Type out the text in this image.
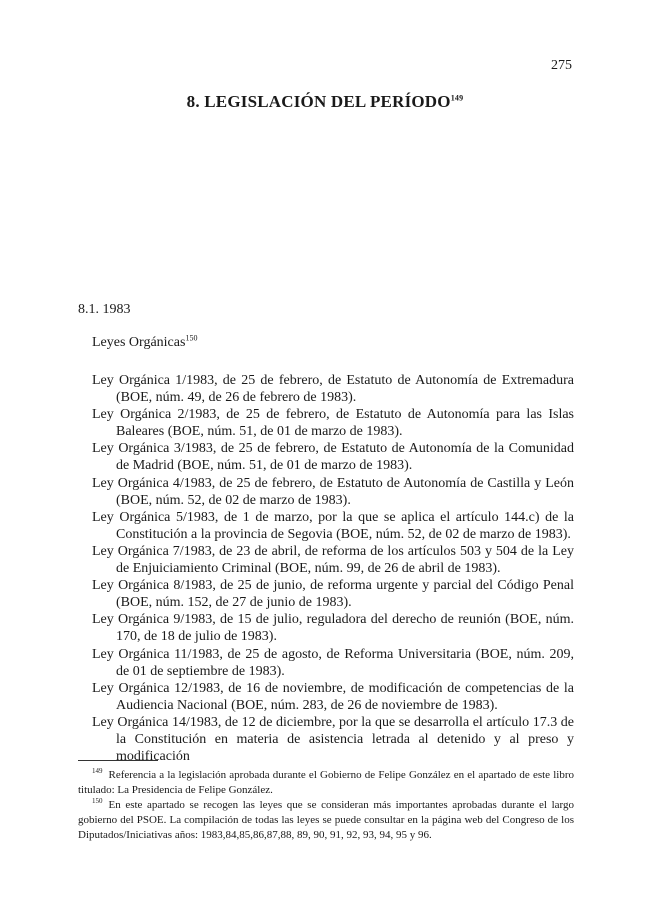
275
8. LEGISLACIÓN DEL PERÍODO$^{149}$
8.1. 1983
Leyes Orgánicas$^{150}$
Ley Orgánica 1/1983, de 25 de febrero, de Estatuto de Autonomía de Extremadura (BOE, núm. 49, de 26 de febrero de 1983).
Ley Orgánica 2/1983, de 25 de febrero, de Estatuto de Autonomía para las Islas Baleares (BOE, núm. 51, de 01 de marzo de 1983).
Ley Orgánica 3/1983, de 25 de febrero, de Estatuto de Autonomía de la Comunidad de Madrid (BOE, núm. 51, de 01 de marzo de 1983).
Ley Orgánica 4/1983, de 25 de febrero, de Estatuto de Autonomía de Castilla y León (BOE, núm. 52, de 02 de marzo de 1983).
Ley Orgánica 5/1983, de 1 de marzo, por la que se aplica el artículo 144.c) de la Constitución a la provincia de Segovia (BOE, núm. 52, de 02 de marzo de 1983).
Ley Orgánica 7/1983, de 23 de abril, de reforma de los artículos 503 y 504 de la Ley de Enjuiciamiento Criminal (BOE, núm. 99, de 26 de abril de 1983).
Ley Orgánica 8/1983, de 25 de junio, de reforma urgente y parcial del Código Penal (BOE, núm. 152, de 27 de junio de 1983).
Ley Orgánica 9/1983, de 15 de julio, reguladora del derecho de reunión (BOE, núm. 170, de 18 de julio de 1983).
Ley Orgánica 11/1983, de 25 de agosto, de Reforma Universitaria (BOE, núm. 209, de 01 de septiembre de 1983).
Ley Orgánica 12/1983, de 16 de noviembre, de modificación de competencias de la Audiencia Nacional (BOE, núm. 283, de 26 de noviembre de 1983).
Ley Orgánica 14/1983, de 12 de diciembre, por la que se desarrolla el artículo 17.3 de la Constitución en materia de asistencia letrada al detenido y al preso y modificación
$^{149}$ Referencia a la legislación aprobada durante el Gobierno de Felipe González en el apartado de este libro titulado: La Presidencia de Felipe González.
$^{150}$ En este apartado se recogen las leyes que se consideran más importantes aprobadas durante el largo gobierno del PSOE. La compilación de todas las leyes se puede consultar en la página web del Congreso de los Diputados/Iniciativas años: 1983,84,85,86,87,88, 89, 90, 91, 92, 93, 94, 95 y 96.
